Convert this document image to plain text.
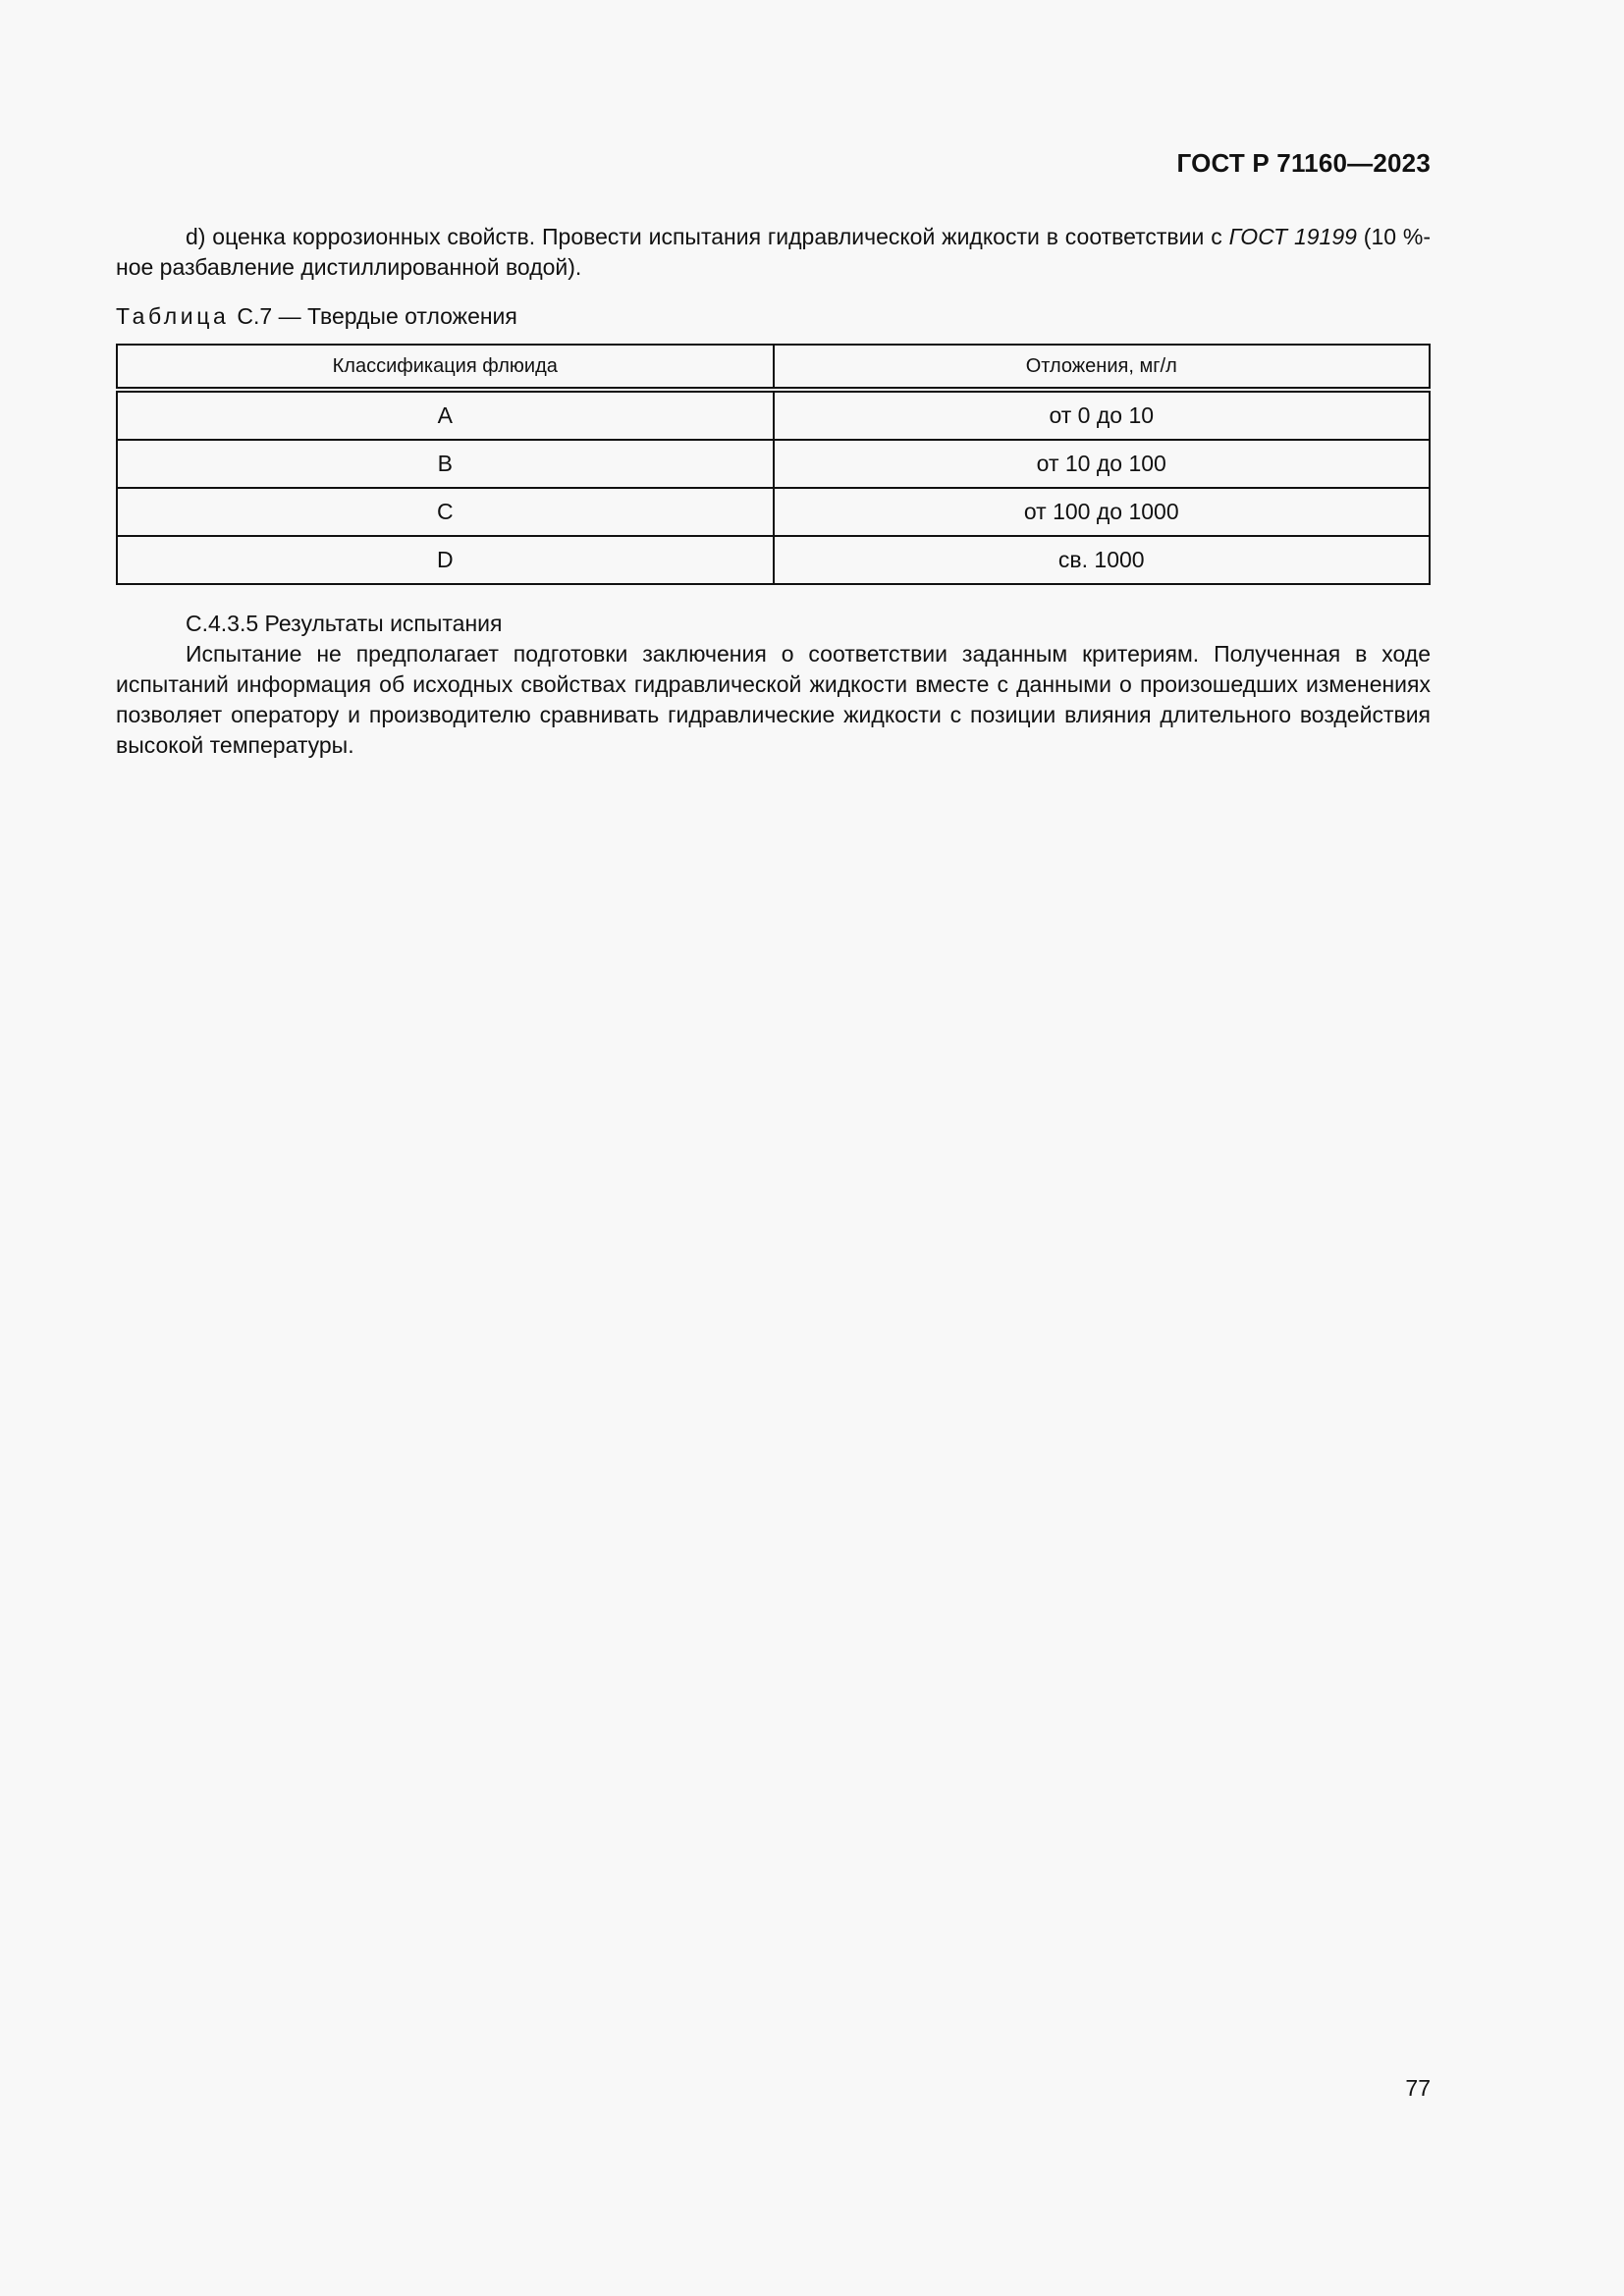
ГОСТ Р 71160—2023

d) оценка коррозионных свойств. Провести испытания гидравлической жидкости в соответствии с ГОСТ 19199 (10 %-ное разбавление дистиллированной водой).

Таблица С.7 — Твердые отложения

Классификация флюида	Отложения, мг/л
A	от 0 до 10
B	от 10 до 100
C	от 100 до 1000
D	св. 1000

С.4.3.5 Результаты испытания

Испытание не предполагает подготовки заключения о соответствии заданным критериям. Полученная в ходе испытаний информация об исходных свойствах гидравлической жидкости вместе с данными о произошедших изменениях позволяет оператору и производителю сравнивать гидравлические жидкости с позиции влияния длительного воздействия высокой температуры.

77
